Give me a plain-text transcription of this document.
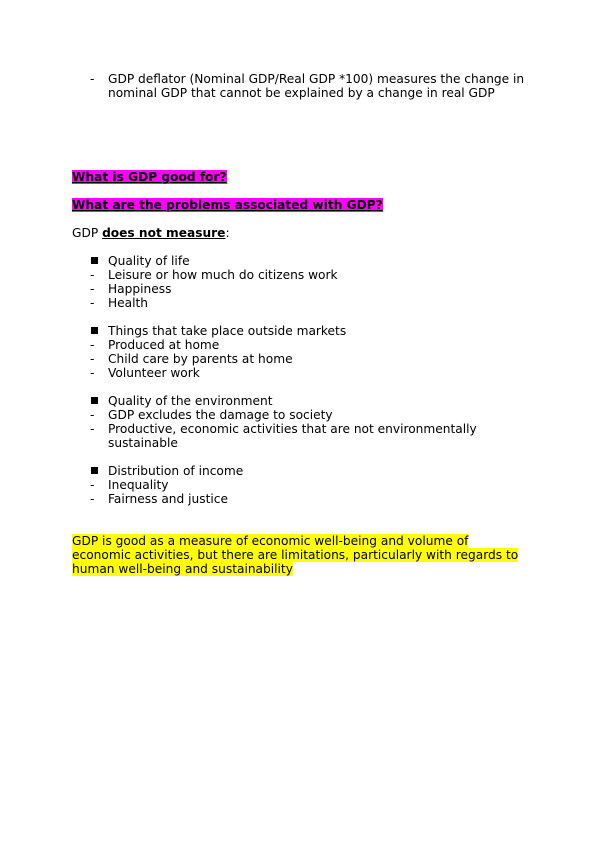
- GDP deflator (Nominal GDP/Real GDP *100) measures the change in
nominal GDP that cannot be explained by a change in real GDP
What is GDP good for?
What are the problems associated with GDP?
GDP does not measure:
Quality of life
- Leisure or how much do citizens work
- Happiness
- Health
Things that take place outside markets
- Produced at home
- Child care by parents at home
- Volunteer work
Quality of the environment
- GDP excludes the damage to society
- Productive, economic activities that are not environmentally
sustainable
Distribution of income
- Inequality
- Fairness and justice
GDP is good as a measure of economic well-being and volume of
economic activities, but there are limitations, particularly with regards to
human well-being and sustainability
